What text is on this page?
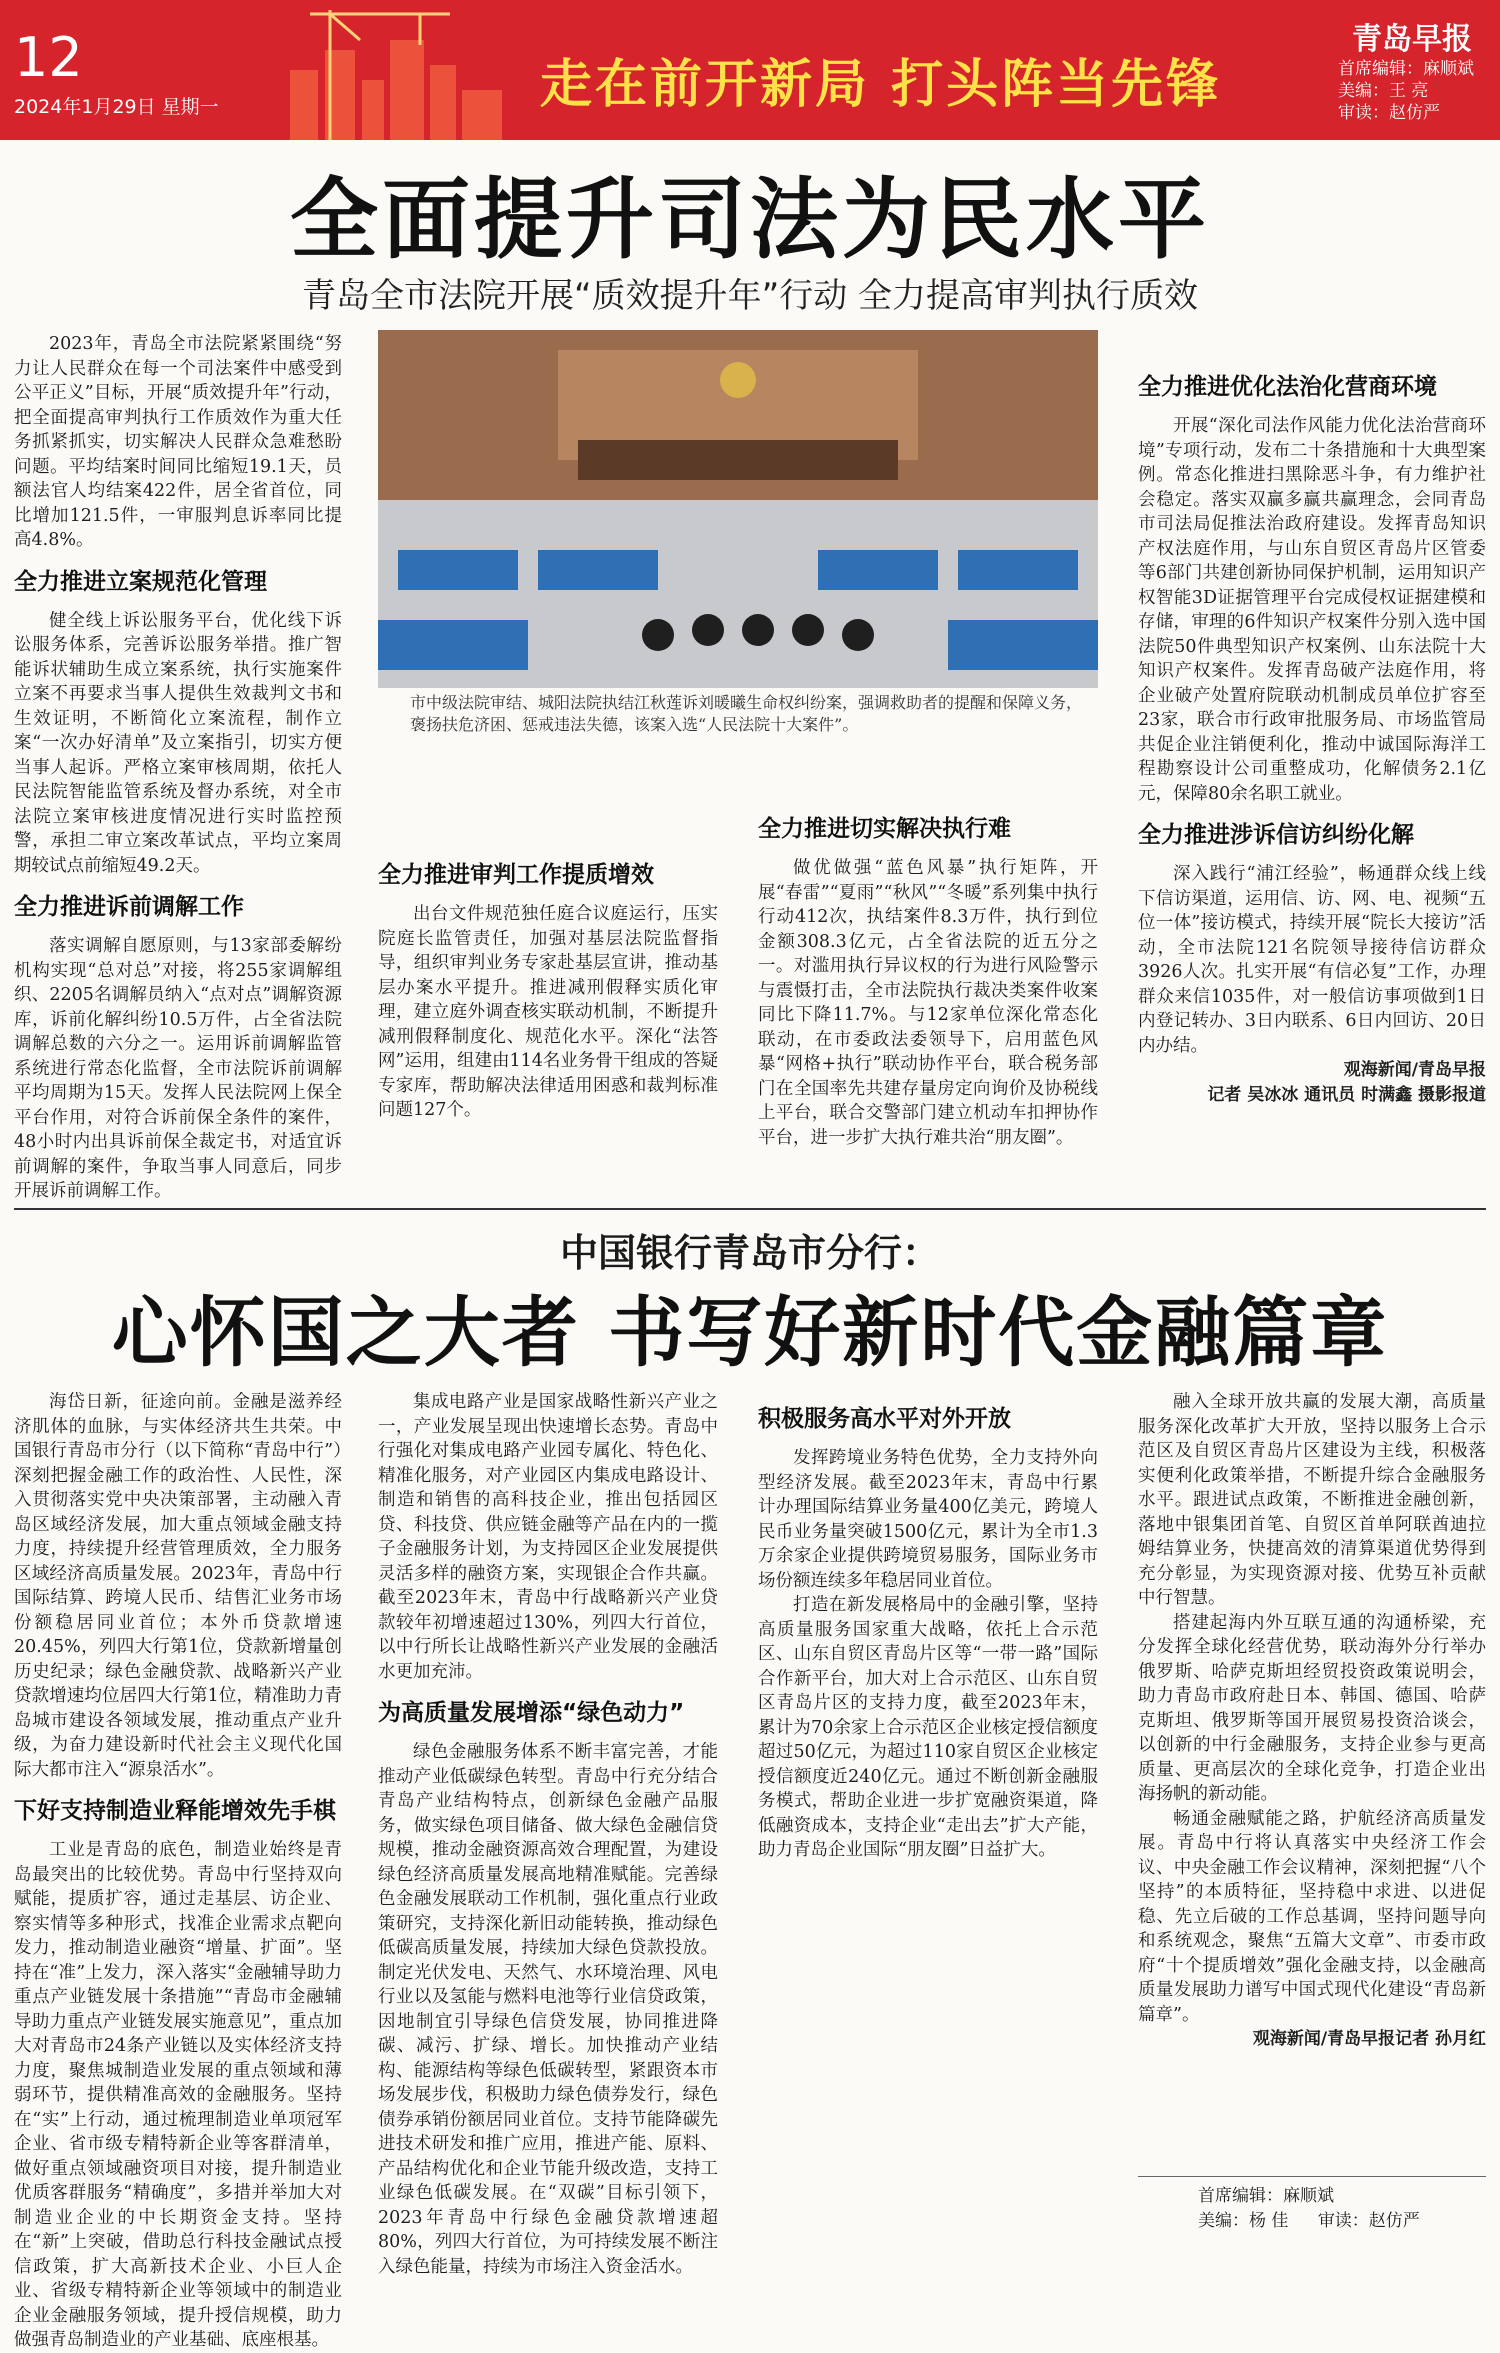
12
2024年1月29日 星期一	走在前开新局 打头阵当先锋
青岛早报
首席编辑：麻顺斌
美编：王 亮
审读：赵仿严
全面提升司法为民水平
青岛全市法院开展“质效提升年”行动 全力提高审判执行质效

2023年，青岛全市法院紧紧围绕“努力让人民群众在每一个司法案件中感受到公平正义”目标，开展“质效提升年”行动，把全面提高审判执行工作质效作为重大任务抓紧抓实，切实解决人民群众急难愁盼问题。平均结案时间同比缩短19.1天，员额法官人均结案422件，居全省首位，同比增加121.5件，一审服判息诉率同比提高4.8%。

全力推进立案规范化管理

健全线上诉讼服务平台，优化线下诉讼服务体系，完善诉讼服务举措。推广智能诉状辅助生成立案系统，执行实施案件立案不再要求当事人提供生效裁判文书和生效证明，不断简化立案流程，制作立案“一次办好清单”及立案指引，切实方便当事人起诉。严格立案审核周期，依托人民法院智能监管系统及督办系统，对全市法院立案审核进度情况进行实时监控预警，承担二审立案改革试点，平均立案周期较试点前缩短49.2天。

全力推进诉前调解工作

落实调解自愿原则，与13家部委解纷机构实现“总对总”对接，将255家调解组织、2205名调解员纳入“点对点”调解资源库，诉前化解纠纷10.5万件，占全省法院调解总数的六分之一。运用诉前调解监管系统进行常态化监督，全市法院诉前调解平均周期为15天。发挥人民法院网上保全平台作用，对符合诉前保全条件的案件，48小时内出具诉前保全裁定书，对适宜诉前调解的案件，争取当事人同意后，同步开展诉前调解工作。

市中级法院审结、城阳法院执结江秋莲诉刘暖曦生命权纠纷案，强调救助者的提醒和保障义务，褒扬扶危济困、惩戒违法失德，该案入选“人民法院十大案件”。
全力推进审判工作提质增效

出台文件规范独任庭合议庭运行，压实院庭长监管责任，加强对基层法院监督指导，组织审判业务专家赴基层宣讲，推动基层办案水平提升。推进减刑假释实质化审理，建立庭外调查核实联动机制，不断提升减刑假释制度化、规范化水平。深化“法答网”运用，组建由114名业务骨干组成的答疑专家库，帮助解决法律适用困惑和裁判标准问题127个。

全力推进切实解决执行难

做优做强“蓝色风暴”执行矩阵，开展“春雷”“夏雨”“秋风”“冬暖”系列集中执行行动412次，执结案件8.3万件，执行到位金额308.3亿元，占全省法院的近五分之一。对滥用执行异议权的行为进行风险警示与震慑打击，全市法院执行裁决类案件收案同比下降11.7%。与12家单位深化常态化联动，在市委政法委领导下，启用蓝色风暴“网格+执行”联动协作平台，联合税务部门在全国率先共建存量房定向询价及协税线上平台，联合交警部门建立机动车扣押协作平台，进一步扩大执行难共治“朋友圈”。

全力推进优化法治化营商环境

开展“深化司法作风能力优化法治营商环境”专项行动，发布二十条措施和十大典型案例。常态化推进扫黑除恶斗争，有力维护社会稳定。落实双赢多赢共赢理念，会同青岛市司法局促推法治政府建设。发挥青岛知识产权法庭作用，与山东自贸区青岛片区管委等6部门共建创新协同保护机制，运用知识产权智能3D证据管理平台完成侵权证据建模和存储，审理的6件知识产权案件分别入选中国法院50件典型知识产权案例、山东法院十大知识产权案件。发挥青岛破产法庭作用，将企业破产处置府院联动机制成员单位扩容至23家，联合市行政审批服务局、市场监管局共促企业注销便利化，推动中诚国际海洋工程勘察设计公司重整成功，化解债务2.1亿元，保障80余名职工就业。

全力推进涉诉信访纠纷化解

深入践行“浦江经验”，畅通群众线上线下信访渠道，运用信、访、网、电、视频“五位一体”接访模式，持续开展“院长大接访”活动，全市法院121名院领导接待信访群众3926人次。扎实开展“有信必复”工作，办理群众来信1035件，对一般信访事项做到1日内登记转办、3日内联系、6日内回访、20日内办结。

观海新闻/青岛早报
记者 吴冰冰 通讯员 时满鑫 摄影报道
中国银行青岛市分行：
心怀国之大者 书写好新时代金融篇章

海岱日新，征途向前。金融是滋养经济肌体的血脉，与实体经济共生共荣。中国银行青岛市分行（以下简称“青岛中行”）深刻把握金融工作的政治性、人民性，深入贯彻落实党中央决策部署，主动融入青岛区域经济发展，加大重点领域金融支持力度，持续提升经营管理质效，全力服务区域经济高质量发展。2023年，青岛中行国际结算、跨境人民币、结售汇业务市场份额稳居同业首位；本外币贷款增速20.45%，列四大行第1位，贷款新增量创历史纪录；绿色金融贷款、战略新兴产业贷款增速均位居四大行第1位，精准助力青岛城市建设各领域发展，推动重点产业升级，为奋力建设新时代社会主义现代化国际大都市注入“源泉活水”。

下好支持制造业释能增效先手棋

工业是青岛的底色，制造业始终是青岛最突出的比较优势。青岛中行坚持双向赋能，提质扩容，通过走基层、访企业、察实情等多种形式，找准企业需求点靶向发力，推动制造业融资“增量、扩面”。坚持在“准”上发力，深入落实“金融辅导助力重点产业链发展十条措施”“青岛市金融辅导助力重点产业链发展实施意见”，重点加大对青岛市24条产业链以及实体经济支持力度，聚焦城制造业发展的重点领域和薄弱环节，提供精准高效的金融服务。坚持在“实”上行动，通过梳理制造业单项冠军企业、省市级专精特新企业等客群清单，做好重点领域融资项目对接，提升制造业优质客群服务“精确度”，多措并举加大对制造业企业的中长期资金支持。坚持在“新”上突破，借助总行科技金融试点授信政策，扩大高新技术企业、小巨人企业、省级专精特新企业等领域中的制造业企业金融服务领域，提升授信规模，助力做强青岛制造业的产业基础、底座根基。

集成电路产业是国家战略性新兴产业之一，产业发展呈现出快速增长态势。青岛中行强化对集成电路产业园专属化、特色化、精准化服务，对产业园区内集成电路设计、制造和销售的高科技企业，推出包括园区贷、科技贷、供应链金融等产品在内的一揽子金融服务计划，为支持园区企业发展提供灵活多样的融资方案，实现银企合作共赢。截至2023年末，青岛中行战略新兴产业贷款较年初增速超过130%，列四大行首位，以中行所长让战略性新兴产业发展的金融活水更加充沛。

为高质量发展增添“绿色动力”

绿色金融服务体系不断丰富完善，才能推动产业低碳绿色转型。青岛中行充分结合青岛产业结构特点，创新绿色金融产品服务，做实绿色项目储备、做大绿色金融信贷规模，推动金融资源高效合理配置，为建设绿色经济高质量发展高地精准赋能。完善绿色金融发展联动工作机制，强化重点行业政策研究，支持深化新旧动能转换，推动绿色低碳高质量发展，持续加大绿色贷款投放。制定光伏发电、天然气、水环境治理、风电行业以及氢能与燃料电池等行业信贷政策，因地制宜引导绿色信贷发展，协同推进降碳、减污、扩绿、增长。加快推动产业结构、能源结构等绿色低碳转型，紧跟资本市场发展步伐，积极助力绿色债券发行，绿色债券承销份额居同业首位。支持节能降碳先进技术研发和推广应用，推进产能、原料、产品结构优化和企业节能升级改造，支持工业绿色低碳发展。在“双碳”目标引领下，2023年青岛中行绿色金融贷款增速超80%，列四大行首位，为可持续发展不断注入绿色能量，持续为市场注入资金活水。

积极服务高水平对外开放

发挥跨境业务特色优势，全力支持外向型经济发展。截至2023年末，青岛中行累计办理国际结算业务量400亿美元，跨境人民币业务量突破1500亿元，累计为全市1.3万余家企业提供跨境贸易服务，国际业务市场份额连续多年稳居同业首位。

打造在新发展格局中的金融引擎，坚持高质量服务国家重大战略，依托上合示范区、山东自贸区青岛片区等“一带一路”国际合作新平台，加大对上合示范区、山东自贸区青岛片区的支持力度，截至2023年末，累计为70余家上合示范区企业核定授信额度超过50亿元，为超过110家自贸区企业核定授信额度近240亿元。通过不断创新金融服务模式，帮助企业进一步扩宽融资渠道，降低融资成本，支持企业“走出去”扩大产能，助力青岛企业国际“朋友圈”日益扩大。

融入全球开放共赢的发展大潮，高质量服务深化改革扩大开放，坚持以服务上合示范区及自贸区青岛片区建设为主线，积极落实便利化政策举措，不断提升综合金融服务水平。跟进试点政策，不断推进金融创新，落地中银集团首笔、自贸区首单阿联酋迪拉姆结算业务，快捷高效的清算渠道优势得到充分彰显，为实现资源对接、优势互补贡献中行智慧。

搭建起海内外互联互通的沟通桥梁，充分发挥全球化经营优势，联动海外分行举办俄罗斯、哈萨克斯坦经贸投资政策说明会，助力青岛市政府赴日本、韩国、德国、哈萨克斯坦、俄罗斯等国开展贸易投资洽谈会，以创新的中行金融服务，支持企业参与更高质量、更高层次的全球化竞争，打造企业出海扬帆的新动能。

畅通金融赋能之路，护航经济高质量发展。青岛中行将认真落实中央经济工作会议、中央金融工作会议精神，深刻把握“八个坚持”的本质特征，坚持稳中求进、以进促稳、先立后破的工作总基调，坚持问题导向和系统观念，聚焦“五篇大文章”、市委市政府“十个提质增效”强化金融支持，以金融高质量发展助力谱写中国式现代化建设“青岛新篇章”。

观海新闻/青岛早报记者 孙月红
首席编辑：麻顺斌
美编：杨 佳 审读：赵仿严
